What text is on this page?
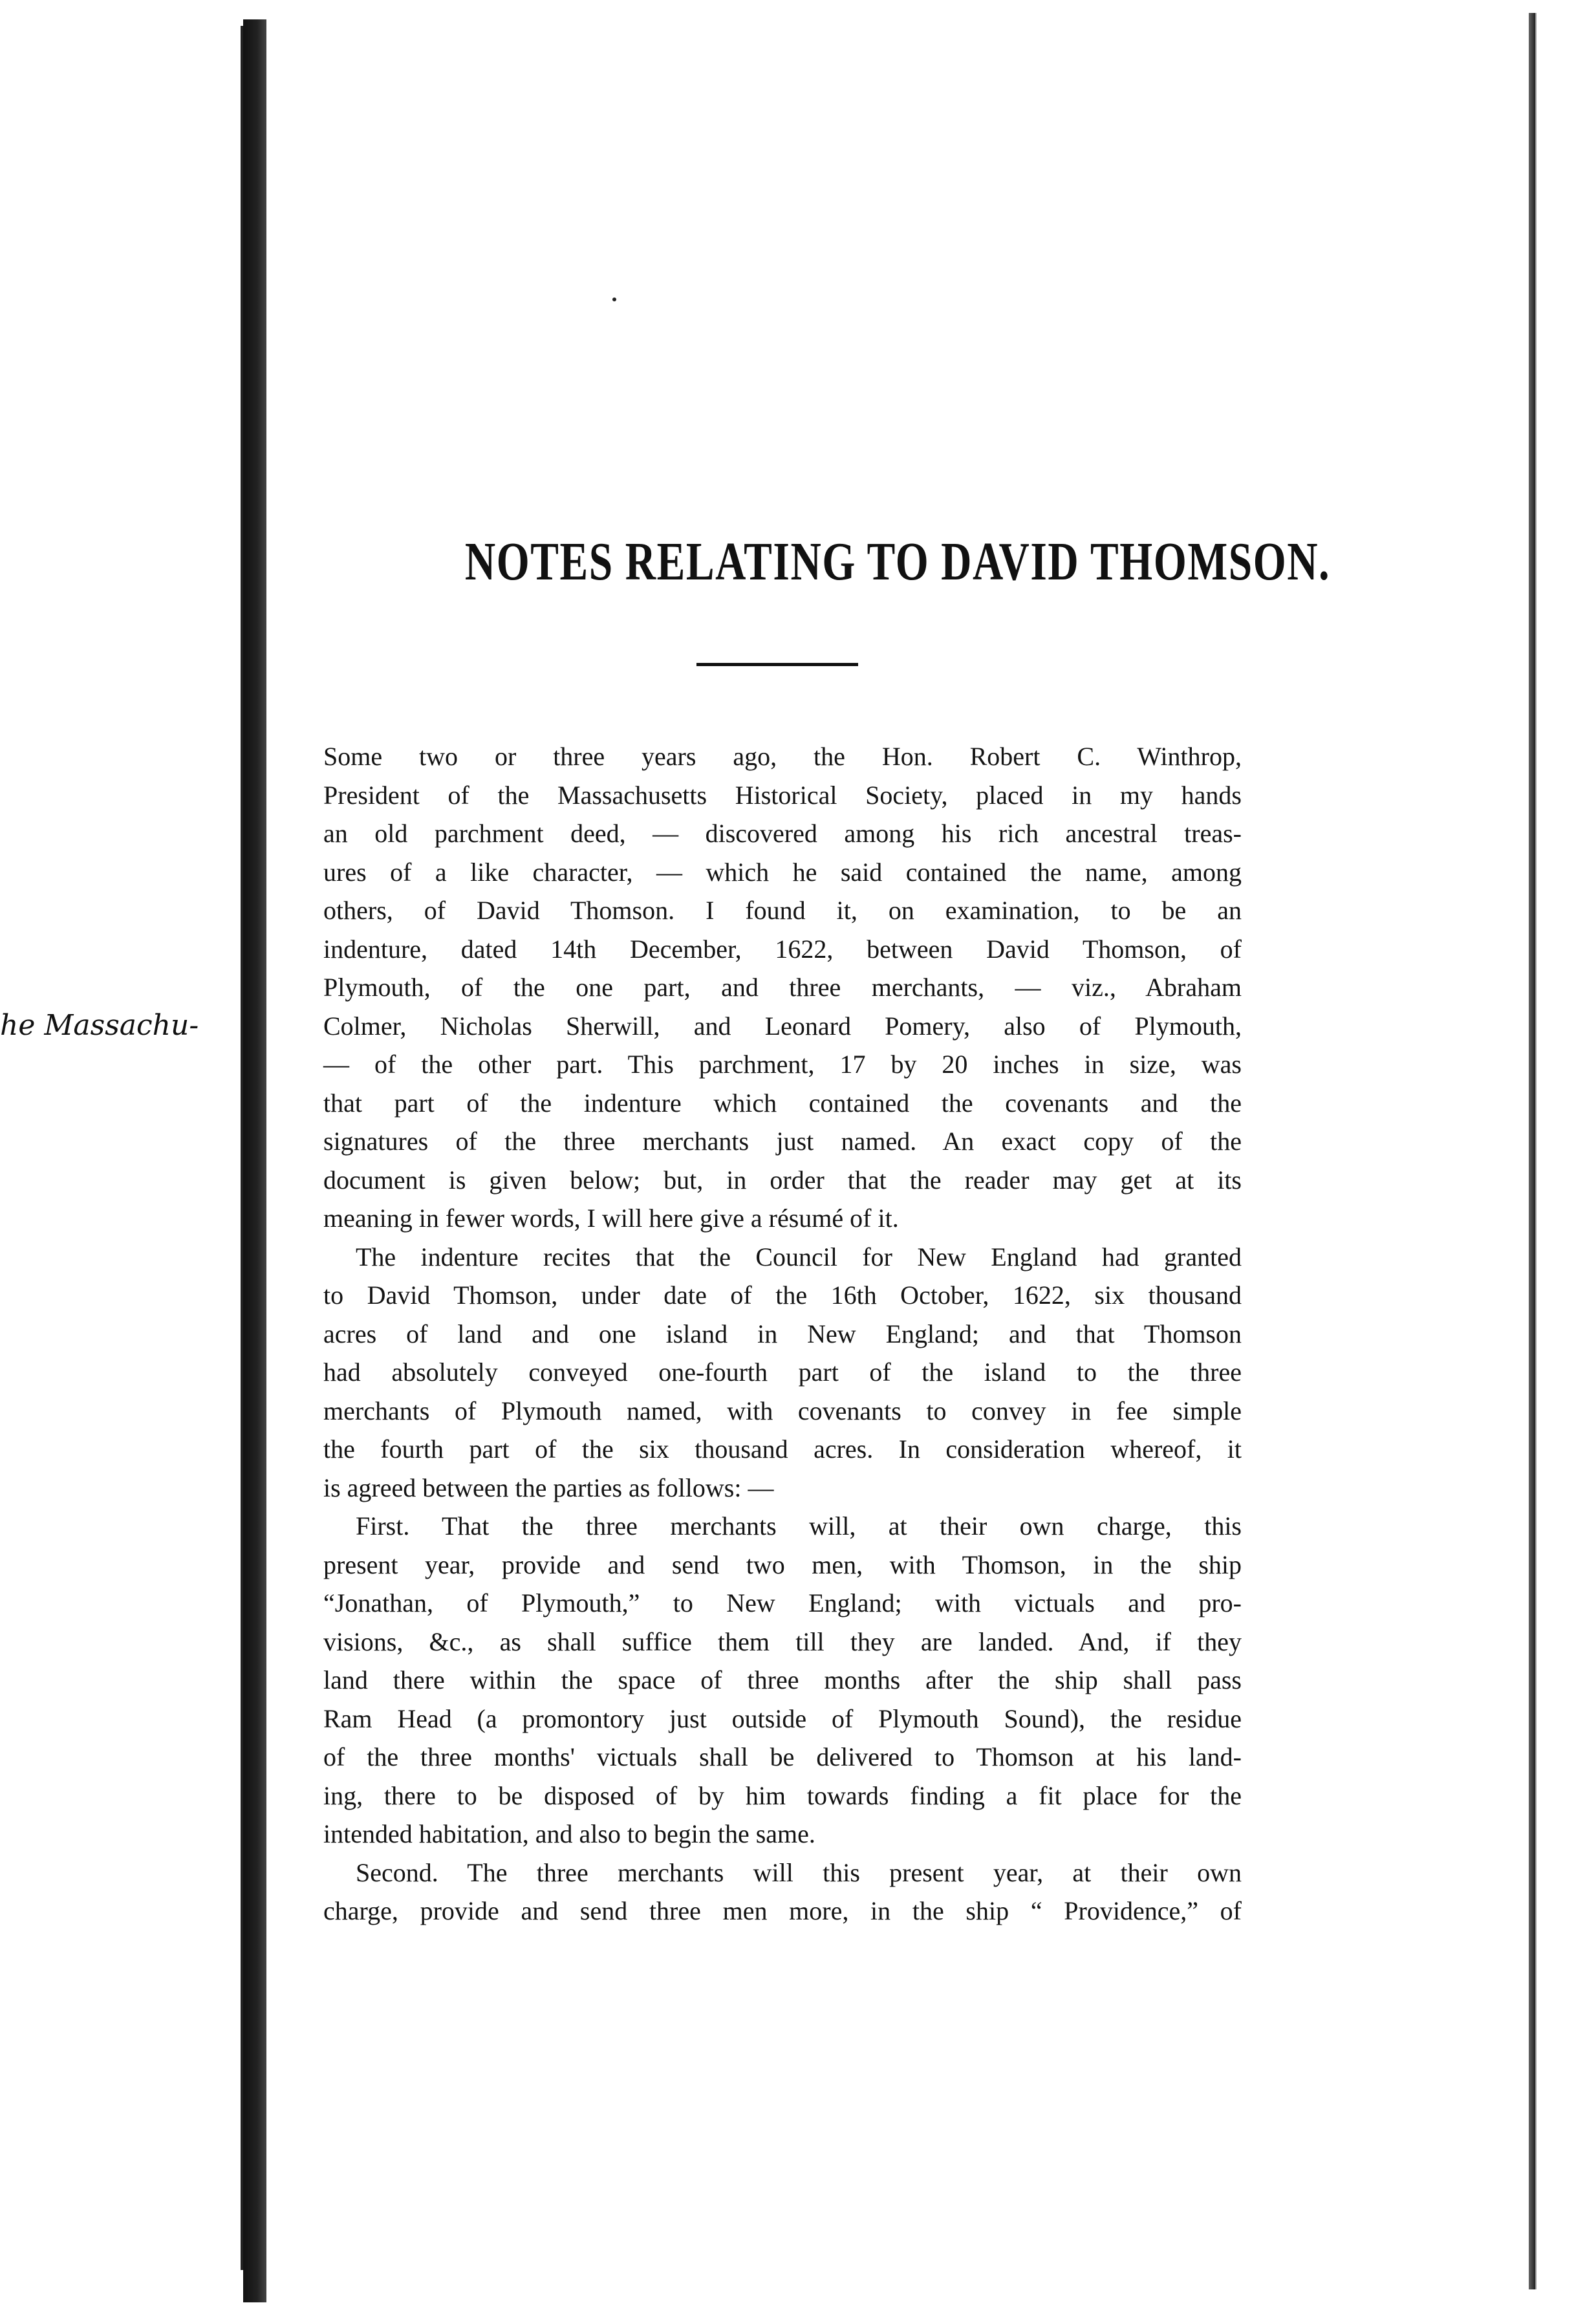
he Massachu-
NOTES RELATING TO DAVID THOMSON.
Some two or three years ago, the Hon. Robert C. Winthrop,
President of the Massachusetts Historical Society, placed in my hands
an old parchment deed, — discovered among his rich ancestral treas-
ures of a like character, — which he said contained the name, among
others, of David Thomson. I found it, on examination, to be an
indenture, dated 14th December, 1622, between David Thomson, of
Plymouth, of the one part, and three merchants, — viz., Abraham
Colmer, Nicholas Sherwill, and Leonard Pomery, also of Plymouth,
— of the other part. This parchment, 17 by 20 inches in size, was
that part of the indenture which contained the covenants and the
signatures of the three merchants just named. An exact copy of the
document is given below; but, in order that the reader may get at its
meaning in fewer words, I will here give a résumé of it.
The indenture recites that the Council for New England had granted
to David Thomson, under date of the 16th October, 1622, six thousand
acres of land and one island in New England; and that Thomson
had absolutely conveyed one-fourth part of the island to the three
merchants of Plymouth named, with covenants to convey in fee simple
the fourth part of the six thousand acres. In consideration whereof, it
is agreed between the parties as follows: —
First. That the three merchants will, at their own charge, this
present year, provide and send two men, with Thomson, in the ship
“Jonathan, of Plymouth,” to New England; with victuals and pro-
visions, &c., as shall suffice them till they are landed. And, if they
land there within the space of three months after the ship shall pass
Ram Head (a promontory just outside of Plymouth Sound), the residue
of the three months' victuals shall be delivered to Thomson at his land-
ing, there to be disposed of by him towards finding a fit place for the
intended habitation, and also to begin the same.
Second. The three merchants will this present year, at their own
charge, provide and send three men more, in the ship “ Providence,” of
